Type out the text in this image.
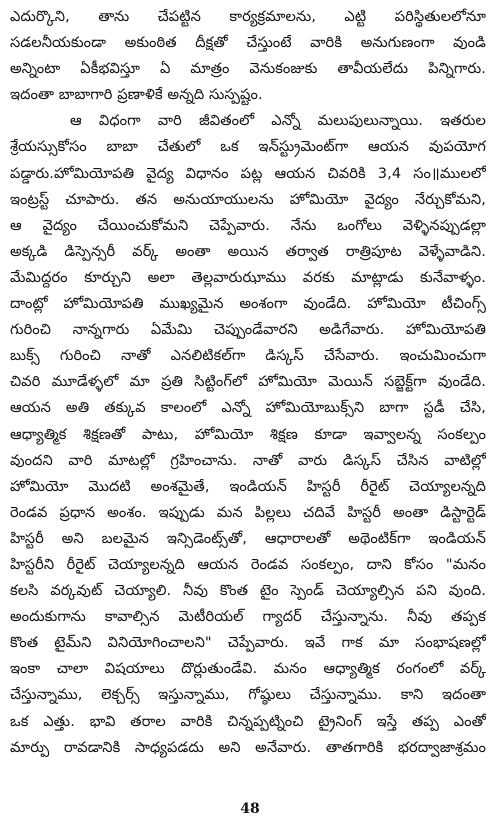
ఎదుర్కొని, తాను చేపట్టిన కార్యక్రమాలను, ఎట్టి పరిస్థితులలోనూ
సడలనీయకుండా అకుంఠిత దీక్షతో చేస్తుంటే వారికి అనుగుణంగా వుండి
అన్నింటా ఏకీభవిస్తూ ఏ మాత్రం వెనుకంజుకు తావీయలేదు పిన్నిగారు.
ఇదంతా బాబాగారి ప్రణాళికే అన్నది సుస్పష్టం.
ఆ విధంగా వారి జీవితంలో ఎన్నో మలుపులున్నాయి. ఇతరుల
శ్రేయస్సుకోసం బాబా చేతులో ఒక ఇన్‌స్ట్రుమెంట్‌గా ఆయన వుపయోగ
పడ్డారు.హోమియోపతి వైద్య విధానం పట్ల ఆయన చివరికి 3,4 సం॥ములలో
ఇంట్రస్ట్ చూపారు. తన అనుయాయులను హోమియో వైద్యం నేర్చుకోమని,
ఆ వైద్యం చేయించుకోమని చెప్పేవారు. నేను ఒంగోలు వెళ్ళినప్పుడల్లా
అక్కడి డిస్పెన్సరీ వర్క్ అంతా అయిన తర్వాత రాత్రిపూట వెళ్ళేవాడిని.
మేమిద్దరం కూర్చుని అలా తెల్లవారుఝాము వరకు మాట్లాడు కునేవాళ్ళం.
దాంట్లో హోమియోపతి ముఖ్యమైన అంశంగా వుండేది. హోమియో టీచింగ్స్
గురించి నాన్నగారు ఏమేమి చెప్పుండేవారని అడిగేవారు. హోమియోపతి
బుక్స్ గురించి నాతో ఎనలిటికల్‌గా డిస్కస్ చేసేవారు. ఇంచుమించుగా
చివరి మూడేళ్ళలో మా ప్రతి సిట్టింగ్‌లో హోమియో మెయిన్ సబ్జెక్ట్‌గా వుండేది.
ఆయన అతి తక్కువ కాలంలో ఎన్నో హోమియోబుక్స్‌ని బాగా స్టడీ చేసి,
ఆధ్యాత్మిక శిక్షణతో పాటు, హోమియో శిక్షణ కూడా ఇవ్వాలన్న సంకల్పం
వుందని వారి మాటల్లో గ్రహించాను. నాతో వారు డిస్కస్ చేసిన వాటిల్లో
హోమియో మొదటి అంశమైతే, ఇండియన్ హిస్టరీ రీరైట్ చెయ్యాలన్నది
రెండవ ప్రధాన అంశం. ఇప్పుడు మన పిల్లలు చదివే హిస్టరీ అంతా డిస్టార్టెడ్
హిస్టరీ అని బలమైన ఇన్సిడెంట్స్‌తో, ఆధారాలతో అథెంటిక్‌గా ఇండియన్
హిస్టరీని రీరైట్ చెయ్యాలన్నది ఆయన రెండవ సంకల్పం, దాని కోసం "మనం
కలసి వర్కవుట్ చెయ్యాలి. నీవు కొంత టైం స్పెండ్ చెయ్యాల్సిన పని వుంది.
అందుకుగాను కావాల్సిన మెటీరియల్ గ్యాదర్ చేస్తున్నాను. నీవు తప్పక
కొంత టైమ్‌ని వినియోగించాలని" చెప్పేవారు. ఇవే గాక మా సంభాషణల్లో
ఇంకా చాలా విషయాలు దొర్లుతుండేవి. మనం ఆధ్యాత్మిక రంగంలో వర్క్
చేస్తున్నాము, లెక్చర్స్ ఇస్తున్నాము, గోష్ఠులు చేస్తున్నాము. కాని ఇదంతా
ఒక ఎత్తు. భావి తరాల వారికి చిన్నప్పట్నించి ట్రైనింగ్ ఇస్తే తప్ప ఎంతో
మార్పు రావడానికి సాధ్యపడదు అని అనేవారు. తాతగారికి భరద్వాజాశ్రమం
48
